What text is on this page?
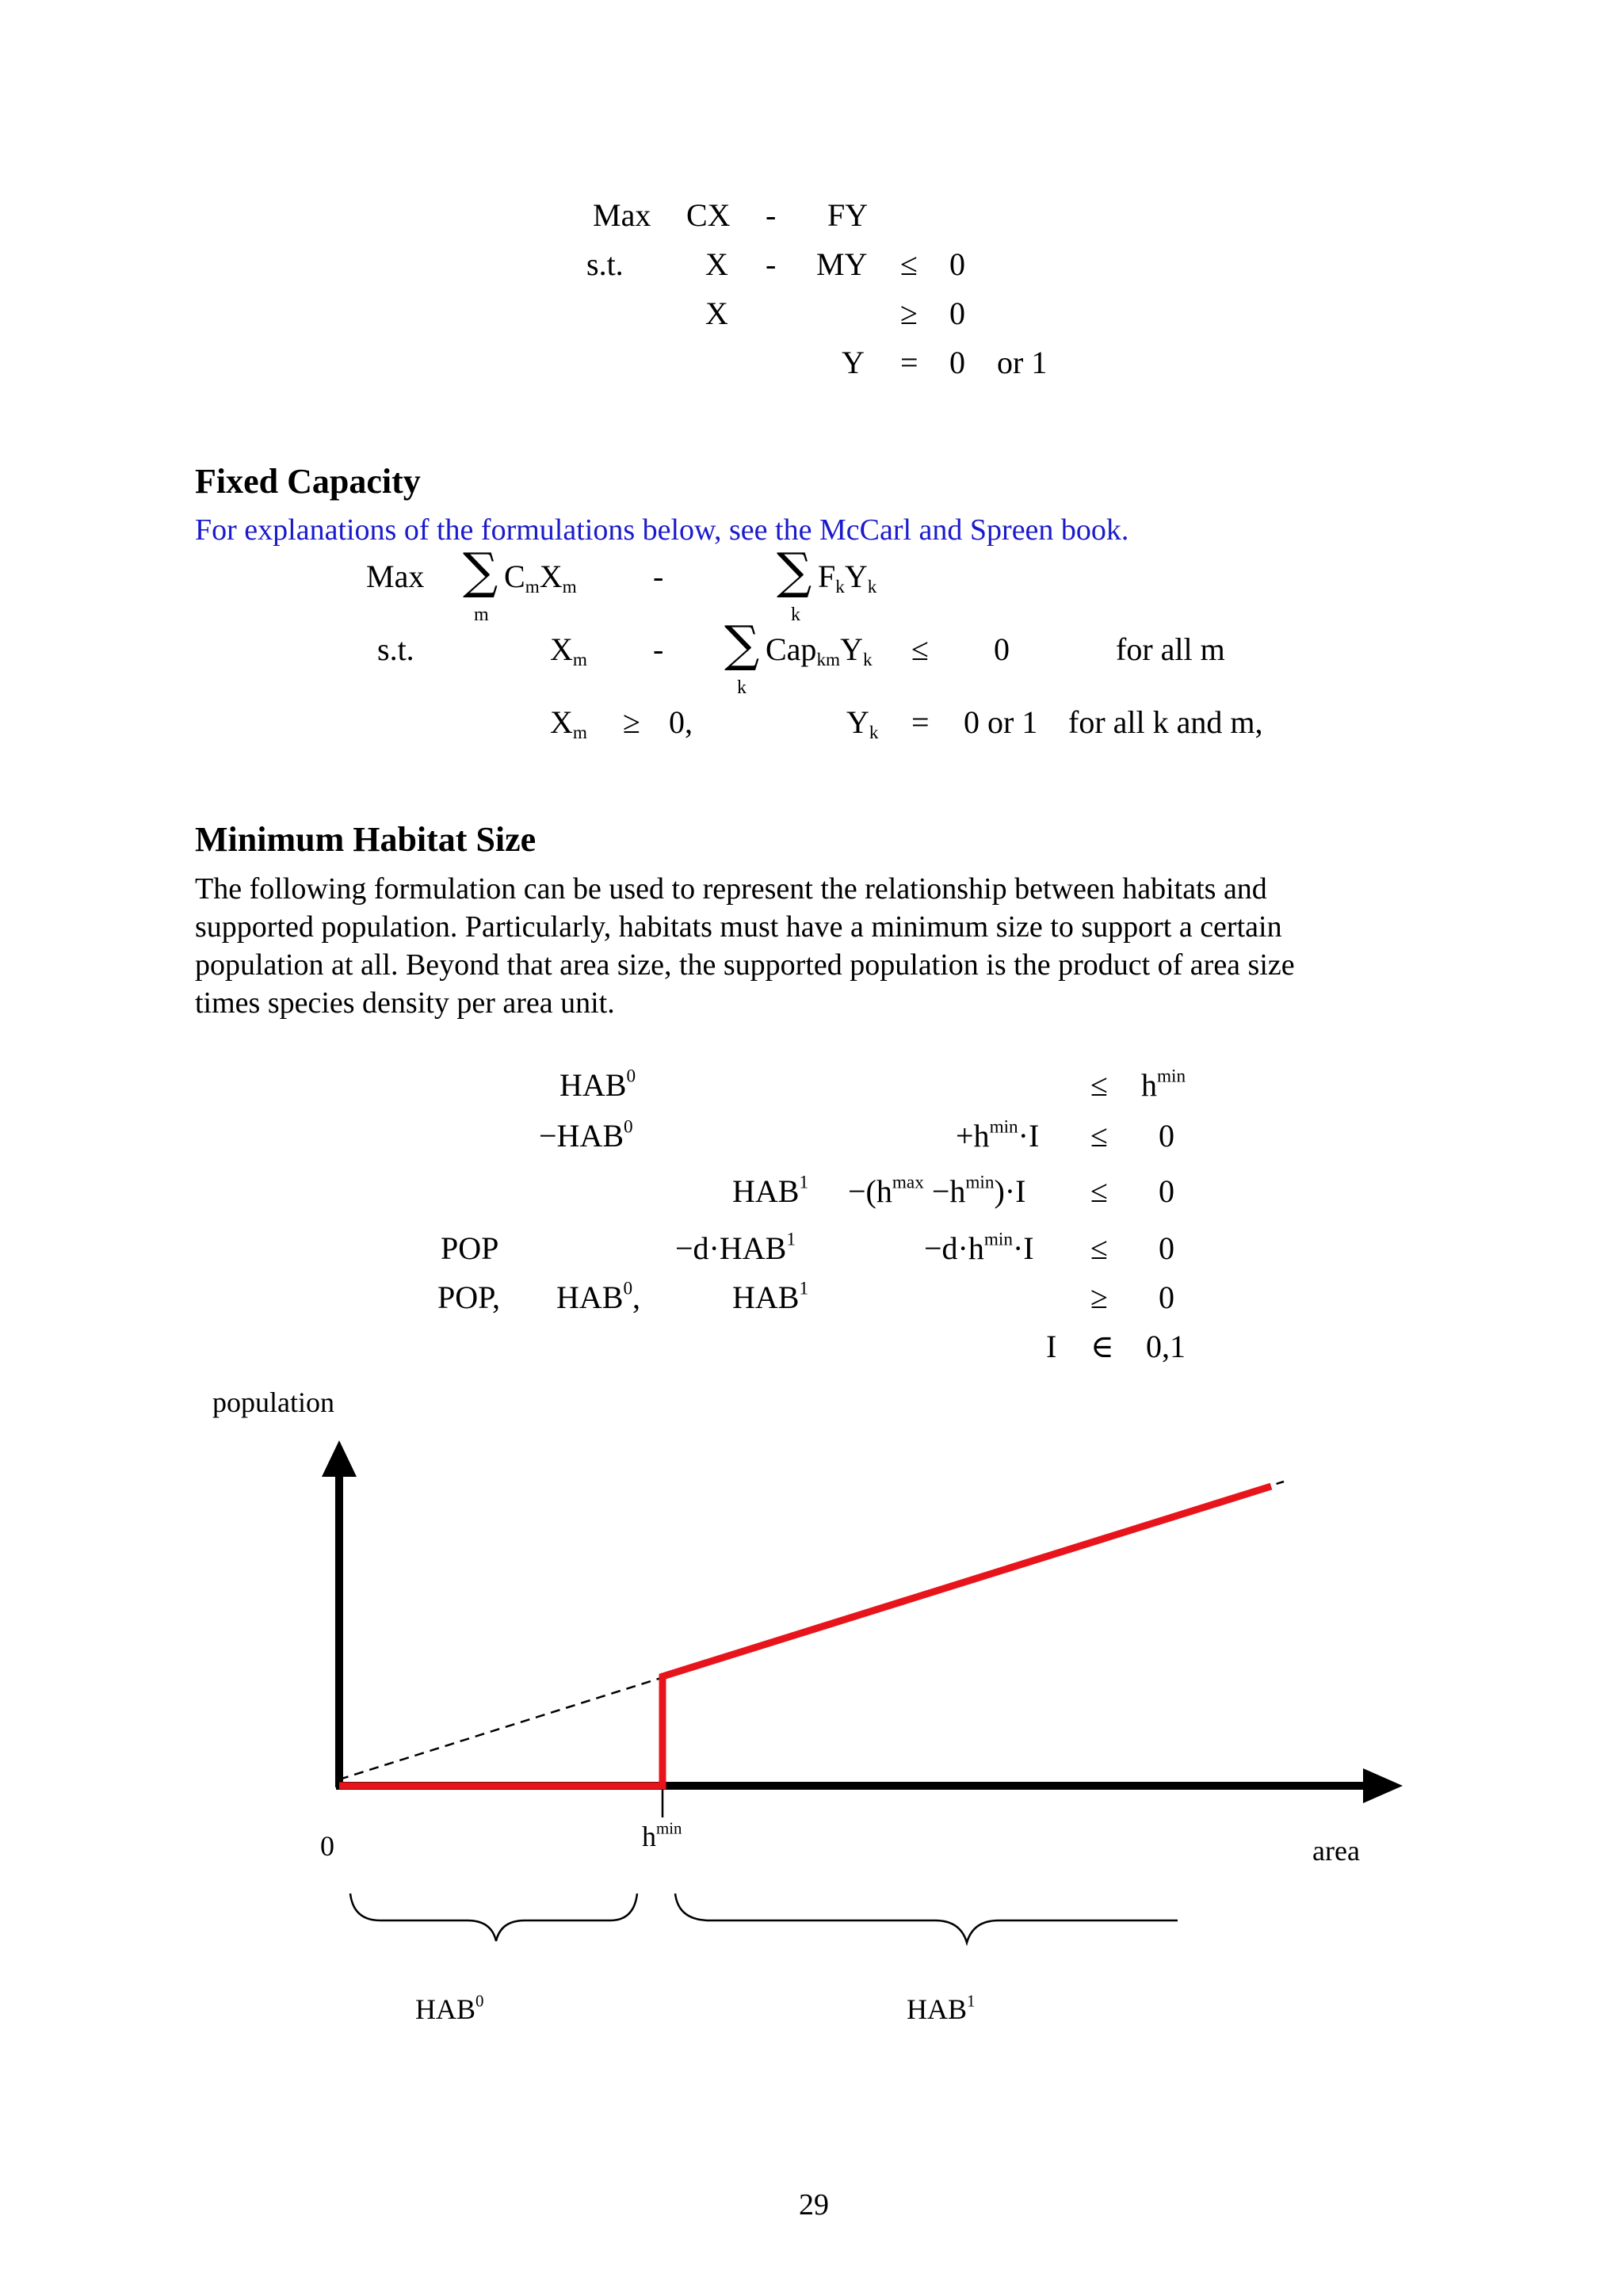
Max CX - FY
s.t.	X - MY ≤ 0
X	≥ 0
Y = 0 or 1
Fixed Capacity
For explanations of the formulations below, see the McCarl and Spreen book.
Max ∑ $C_mX_m$
m
- ∑ $F_kY_k$
k
s.t.	$X_m$ - ∑ $Cap_{km}Y_k$
k
≤ 0	for all m
$X_m \ge 0$,	$Y_k = 0$ or 1 for all k and m,
Minimum Habitat Size

The following formulation can be used to represent the relationship between habitats and

supported population. Particularly, habitats must have a minimum size to support a certain

population at all. Beyond that area size, the supported population is the product of area size

times species density per area unit.

$HAB^0$	≤ $h^{min}$
$-HAB^0$	$+h^{min}\cdot I \le 0$
$HAB^1 -(h^{max} -h^{min})\cdot I \le 0$
POP	$-d\cdot HAB^1$	$-d\cdot h^{min}\cdot I \le 0$
POP, HAB$^0$,	$HAB^1$	≥ 0
I ∈ 0,1
population
0	$h^{min}$
area
HAB$^0$	HAB$^1$
29
